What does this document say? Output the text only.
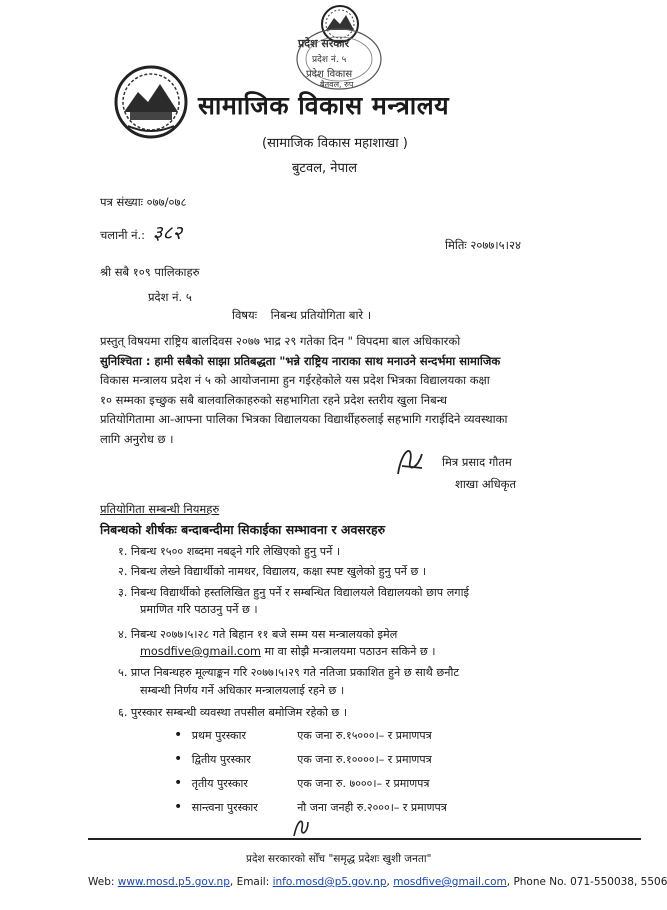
प्रदेश सरकार
प्रदेश नं. ५
प्रदेश विकास
बैतवल, रुप
सामाजिक विकास मन्त्रालय
(सामाजिक विकास महाशाखा )
बुटवल, नेपाल
पत्र संख्याः ०७७/०७८
चलानी नं.: ३८२
मितिः २०७७।५।२४
श्री सबै १०९ पालिकाहरु
प्रदेश नं. ५
विषयः निबन्ध प्रतियोगिता बारे ।
प्रस्तुत् विषयमा राष्ट्रिय बालदिवस २०७७ भाद्र २९ गतेका दिन " विपदमा बाल अधिकारको
सुनिश्चिता : हामी सबैको साझा प्रतिबद्धता "भन्ने राष्ट्रिय नाराका साथ मनाउने सन्दर्भमा सामाजिक
विकास मन्त्रालय प्रदेश नं ५ को आयोजनामा हुन गईरहेकोले यस प्रदेश भित्रका विद्यालयका कक्षा
१० सम्मका इच्छुक सबै बालवालिकाहरुको सहभागिता रहने प्रदेश स्तरीय खुला निबन्ध
प्रतियोगितामा आ-आफ्ना पालिका भित्रका विद्यालयका विद्यार्थीहरुलाई सहभागि गराईदिने व्यवस्थाका
लागि अनुरोध छ ।
मित्र प्रसाद गौतम
शाखा अधिकृत
प्रतियोगिता सम्बन्धी नियमहरु
निबन्धको शीर्षकः बन्दाबन्दीमा सिकाईका सम्भावना र अवसरहरु
१. निबन्ध १५०० शब्दमा नबढ्ने गरि लेखिएको हुनु पर्ने ।
२. निबन्ध लेख्ने विद्यार्थीको नामथर, विद्यालय, कक्षा स्पष्ट खुलेको हुनु पर्ने छ ।
३. निबन्ध विद्यार्थीको हस्तलिखित हुनु पर्ने र सम्बन्धित विद्यालयले विद्यालयको छाप लगाई
प्रमाणित गरि पठाउनु पर्ने छ ।
४. निबन्ध २०७७।५।२८ गते बिहान ११ बजे सम्म यस मन्त्रालयको इमेल
mosdfive@gmail.com मा वा सोझै मन्त्रालयमा पठाउन सकिने छ ।
५. प्राप्त निबन्धहरु मूल्याङ्कन गरि २०७७।५।२९ गते नतिजा प्रकाशित हुने छ साथै छनौट
सम्बन्धी निर्णय गर्ने अधिकार मन्त्रालयलाई रहने छ ।
६. पुरस्कार सम्बन्धी व्यवस्था तपसील बमोजिम रहेको छ ।
• प्रथम पुरस्कार	एक जना रु.१५०००।– र प्रमाणपत्र
• द्वितीय पुरस्कार	एक जना रु.१००००।– र प्रमाणपत्र
• तृतीय पुरस्कार	एक जना रु. ७०००।– र प्रमाणपत्र
• सान्त्वना पुरस्कार	नौ जना जनही रु.२०००।– र प्रमाणपत्र
प्रदेश सरकारको सोँच "समृद्ध प्रदेशः खुशी जनता"
Web: www.mosd.p5.gov.np, Email: info.mosd@p5.gov.np, mosdfive@gmail.com, Phone No. 071-550038, 5506
